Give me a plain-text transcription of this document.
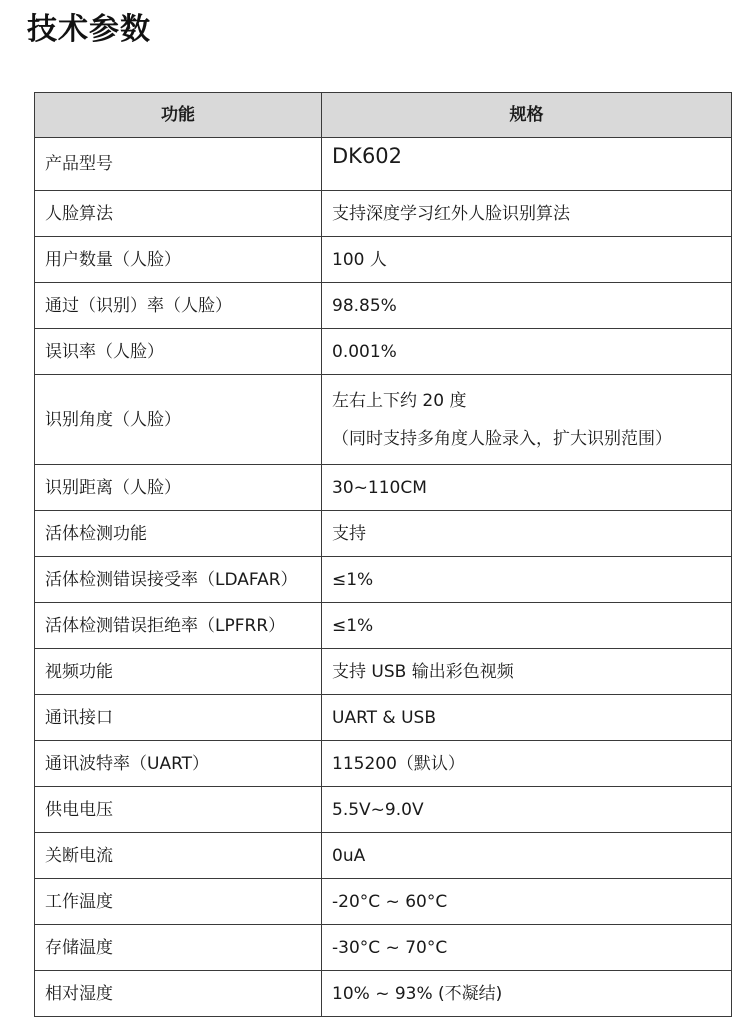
技术参数
功能	规格
产品型号	DK602
人脸算法	支持深度学习红外人脸识别算法
用户数量（人脸）	100 人
通过（识别）率（人脸）	98.85%
误识率（人脸）	0.001%
识别角度（人脸）	左右上下约 20 度
（同时支持多角度人脸录入，扩大识别范围）

识别距离（人脸）	30~110CM
活体检测功能	支持
活体检测错误接受率（LDAFAR）	≤1%
活体检测错误拒绝率（LPFRR）	≤1%
视频功能	支持 USB 输出彩色视频
通讯接口	UART & USB
通讯波特率（UART）	115200（默认）
供电电压	5.5V~9.0V
关断电流	0uA
工作温度	-20°C ~ 60°C
存储温度	-30°C ~ 70°C
相对湿度	10% ~ 93% (不凝结)
